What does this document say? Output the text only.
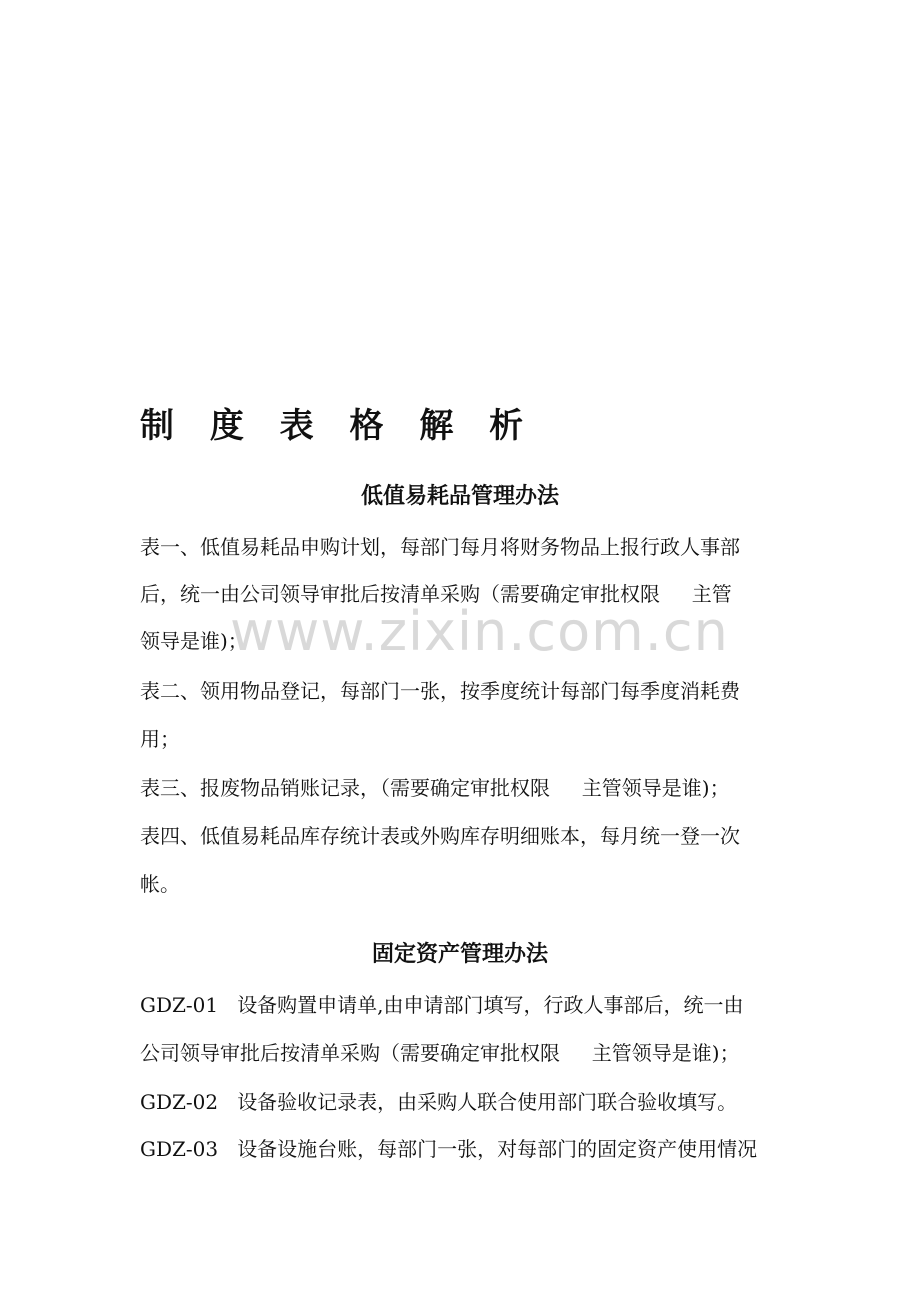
www.zixin.com.cn
制 度 表 格 解 析
低值易耗品管理办法

表一、低值易耗品申购计划，每部门每月将财务物品上报行政人事部

后，统一由公司领导审批后按清单采购（需要确定审批权限     主管

领导是谁)；

表二、领用物品登记，每部门一张，按季度统计每部门每季度消耗费

用；

表三、报废物品销账记录，（需要确定审批权限     主管领导是谁)；

表四、低值易耗品库存统计表或外购库存明细账本，每月统一登一次

帐。

固定资产管理办法

GDZ-01   设备购置申请单,由申请部门填写，行政人事部后，统一由

公司领导审批后按清单采购（需要确定审批权限     主管领导是谁)；

GDZ-02   设备验收记录表，由采购人联合使用部门联合验收填写。

GDZ-03   设备设施台账，每部门一张，对每部门的固定资产使用情况
